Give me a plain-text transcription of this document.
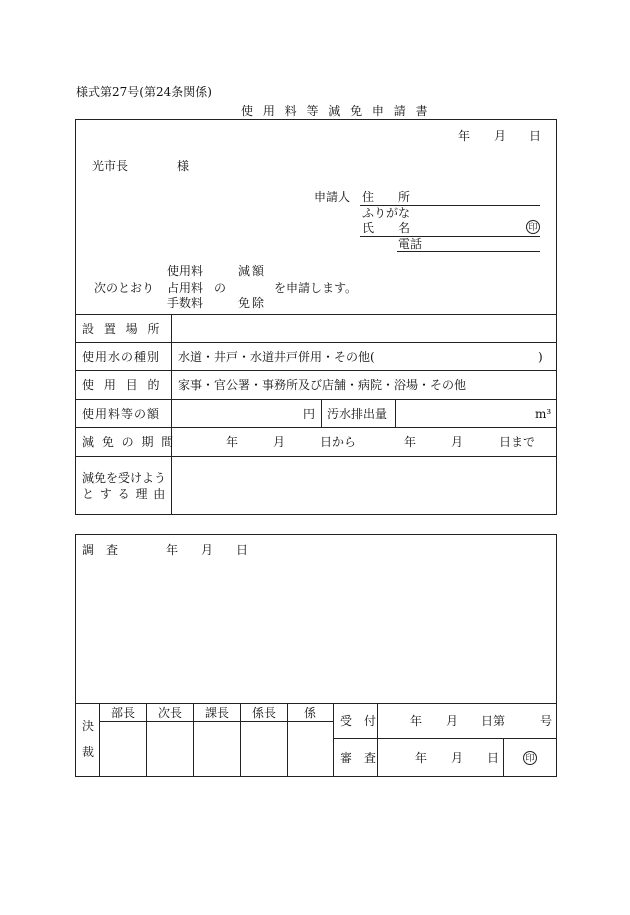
様式第27号(第24条関係)
使 用 料 等 減 免 申 請 書
年 月 日
光市長	様
申請人 住　　所
ふりがな
氏　　名	印
電話
使用料	減額
次のとおり 占用料 の	を申請します。
手数料	免除
設 置 場 所
使用水の種別 水道・井戸・水道井戸併用・その他(	)
使 用 目 的 家事・官公署・事務所及び店舗・病院・浴場・その他
使用料等の額	円 汚水排出量	m³
減 免 の 期 間	年	月	日から	年	月	日まで
減免を受けよう
と す る 理 由
調　査	年 月 日
決
裁
部長 次長 課長 係長 係
受　付	年 月 日第	号
審　査	年 月 日	印
